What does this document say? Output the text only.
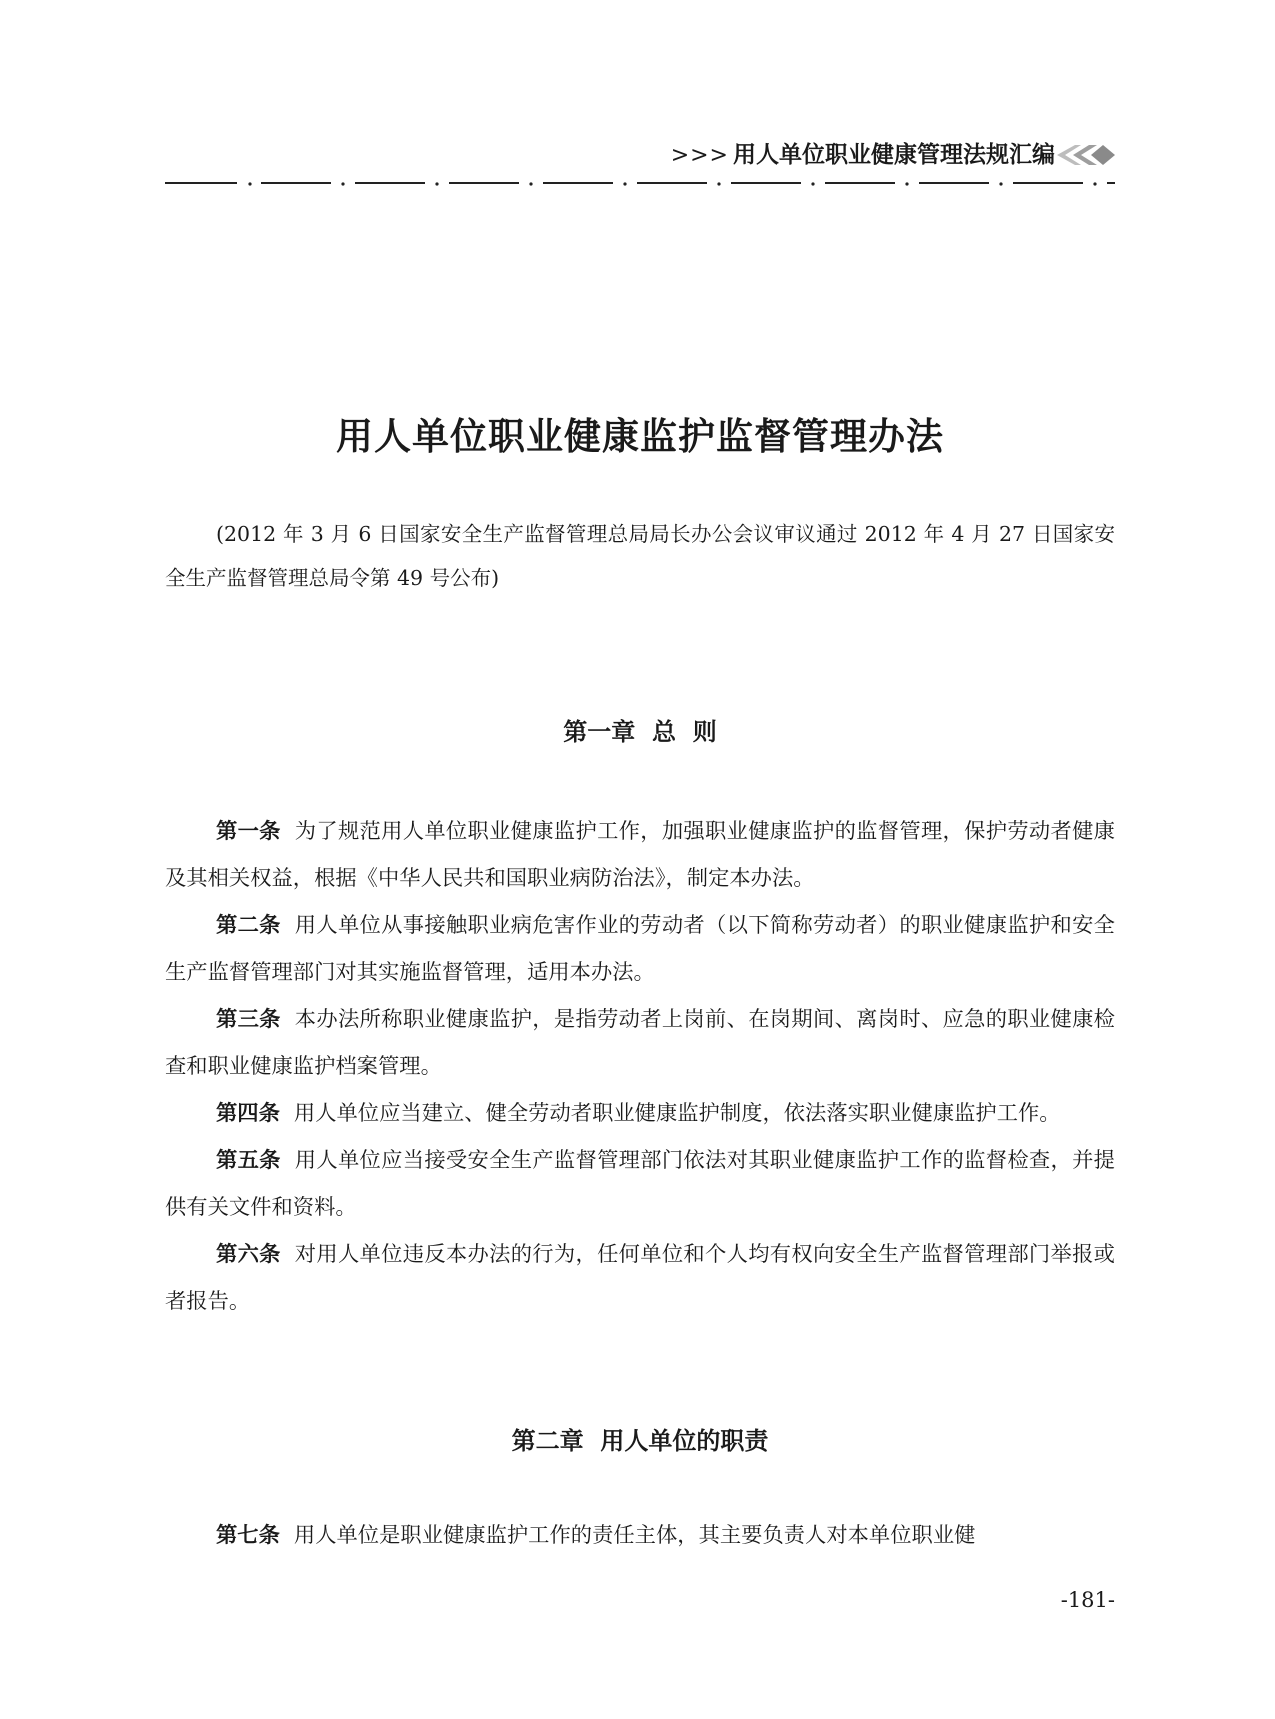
>>> 用人单位职业健康管理法规汇编
用人单位职业健康监护监督管理办法

(2012 年 3 月 6 日国家安全生产监督管理总局局长办公会议审议通过 2012 年 4 月 27 日国家安全生产监督管理总局令第 49 号公布)

第一章  总  则

第一条 为了规范用人单位职业健康监护工作，加强职业健康监护的监督管理，保护劳动者健康及其相关权益，根据《中华人民共和国职业病防治法》，制定本办法。

第二条 用人单位从事接触职业病危害作业的劳动者（以下简称劳动者）的职业健康监护和安全生产监督管理部门对其实施监督管理，适用本办法。

第三条 本办法所称职业健康监护，是指劳动者上岗前、在岗期间、离岗时、应急的职业健康检查和职业健康监护档案管理。

第四条 用人单位应当建立、健全劳动者职业健康监护制度，依法落实职业健康监护工作。

第五条 用人单位应当接受安全生产监督管理部门依法对其职业健康监护工作的监督检查，并提供有关文件和资料。

第六条 对用人单位违反本办法的行为，任何单位和个人均有权向安全生产监督管理部门举报或者报告。

第二章  用人单位的职责

第七条 用人单位是职业健康监护工作的责任主体，其主要负责人对本单位职业健

-181-
